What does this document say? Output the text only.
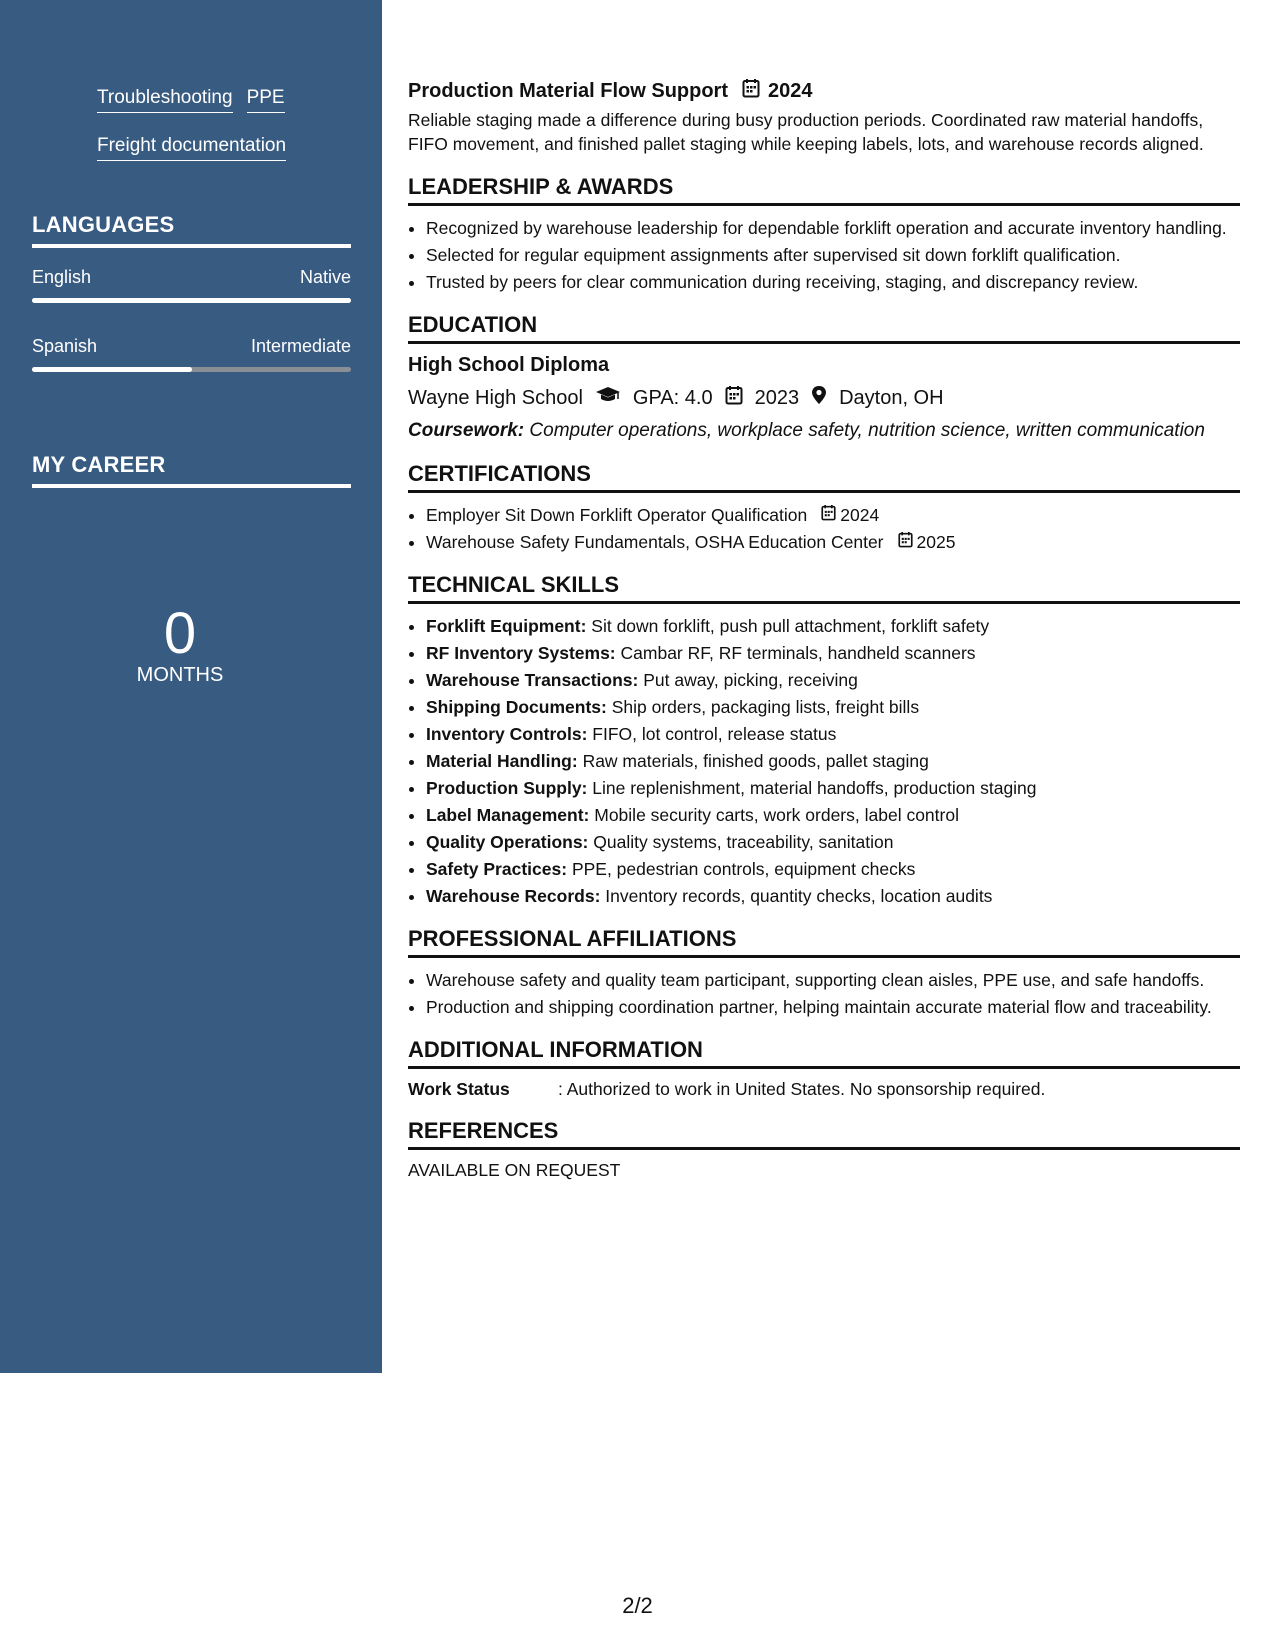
Troubleshooting PPE Freight documentation
LANGUAGES
English	Native
Spanish	Intermediate
MY CAREER
0
MONTHS
Production Material Flow Support 2024
Reliable staging made a difference during busy production periods. Coordinated raw material handoffs, FIFO movement, and finished pallet staging while keeping labels, lots, and warehouse records aligned.
LEADERSHIP & AWARDS
• Recognized by warehouse leadership for dependable forklift operation and accurate inventory handling.
• Selected for regular equipment assignments after supervised sit down forklift qualification.
• Trusted by peers for clear communication during receiving, staging, and discrepancy review.
EDUCATION
High School Diploma
Wayne High School	GPA: 4.0 2023 Dayton, OH
Coursework: Computer operations, workplace safety, nutrition science, written communication
CERTIFICATIONS
• Employer Sit Down Forklift Operator Qualification 2024
• Warehouse Safety Fundamentals, OSHA Education Center 2025
TECHNICAL SKILLS
• Forklift Equipment: Sit down forklift, push pull attachment, forklift safety
• RF Inventory Systems: Cambar RF, RF terminals, handheld scanners
• Warehouse Transactions: Put away, picking, receiving
• Shipping Documents: Ship orders, packaging lists, freight bills
• Inventory Controls: FIFO, lot control, release status
• Material Handling: Raw materials, finished goods, pallet staging
• Production Supply: Line replenishment, material handoffs, production staging
• Label Management: Mobile security carts, work orders, label control
• Quality Operations: Quality systems, traceability, sanitation
• Safety Practices: PPE, pedestrian controls, equipment checks
• Warehouse Records: Inventory records, quantity checks, location audits
PROFESSIONAL AFFILIATIONS
• Warehouse safety and quality team participant, supporting clean aisles, PPE use, and safe handoffs.
• Production and shipping coordination partner, helping maintain accurate material flow and traceability.
ADDITIONAL INFORMATION
Work Status	: Authorized to work in United States. No sponsorship required.
REFERENCES
AVAILABLE ON REQUEST
2/2
